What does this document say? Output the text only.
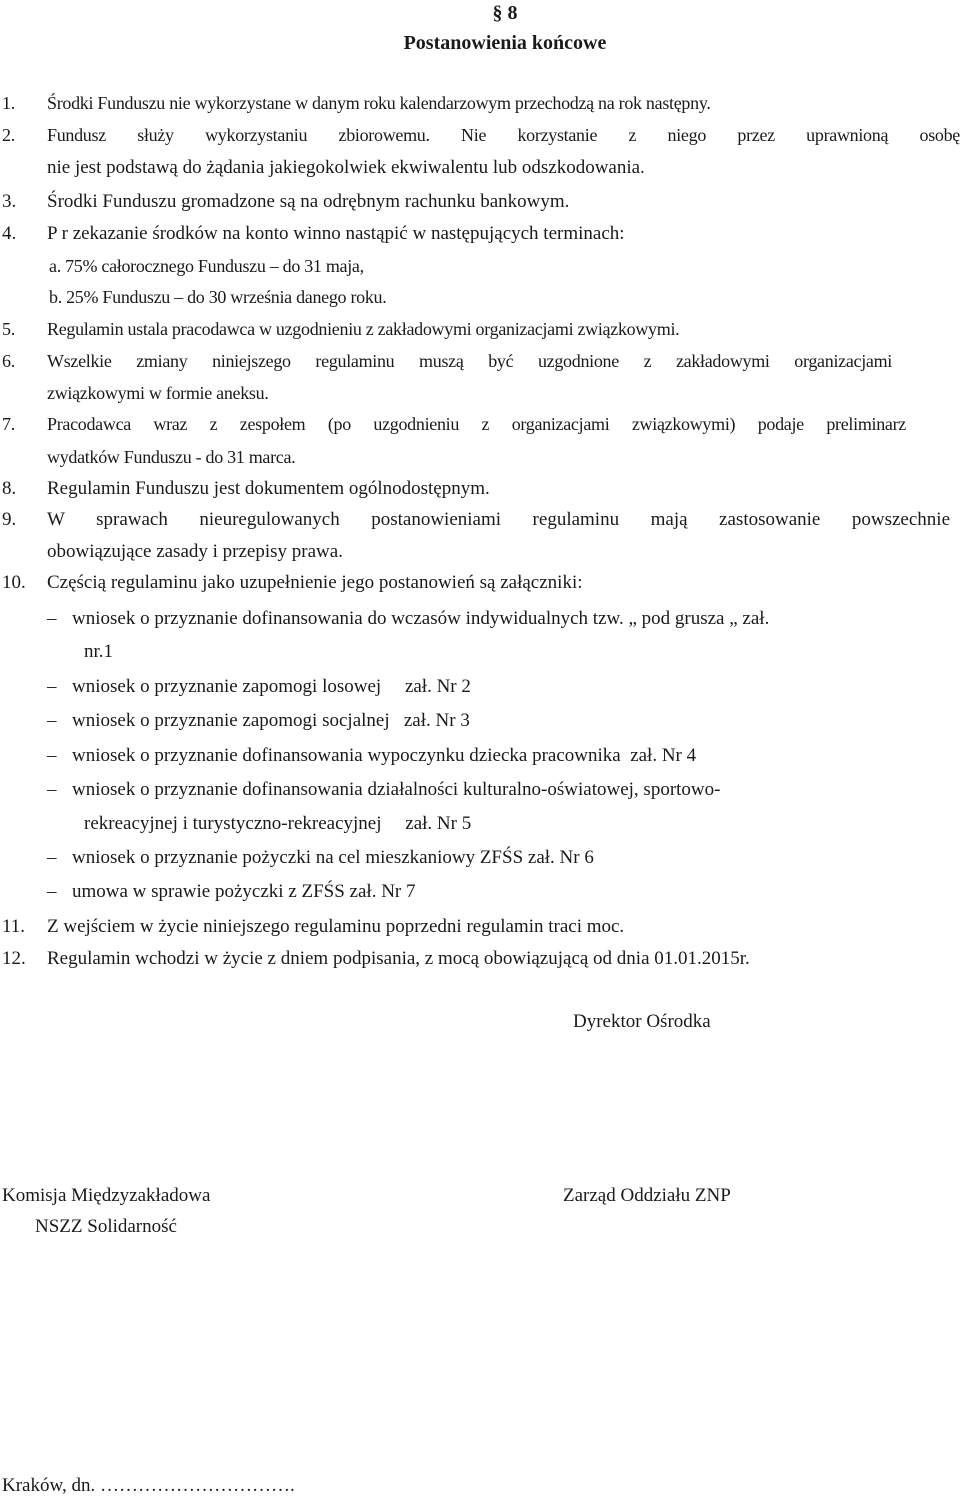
§ 8
Postanowienia końcowe
1. Środki Funduszu nie wykorzystane w danym roku kalendarzowym przechodzą na rok następny.
2. Fundusz służy wykorzystaniu zbiorowemu. Nie korzystanie z niego przez uprawnioną osobę
nie jest podstawą do żądania jakiegokolwiek ekwiwalentu lub odszkodowania.
3. Środki Funduszu gromadzone są na odrębnym rachunku bankowym.
4. P r zekazanie środków na konto winno nastąpić w następujących terminach:
a. 75% całorocznego Funduszu – do 31 maja,
b. 25% Funduszu – do 30 września danego roku.
5. Regulamin ustala pracodawca w uzgodnieniu z zakładowymi organizacjami związkowymi.
6. Wszelkie zmiany niniejszego regulaminu muszą być uzgodnione z zakładowymi organizacjami
związkowymi w formie aneksu.
7. Pracodawca wraz z zespołem (po uzgodnieniu z organizacjami związkowymi) podaje preliminarz
wydatków Funduszu - do 31 marca.
8. Regulamin Funduszu jest dokumentem ogólnodostępnym.
9. W sprawach nieuregulowanych postanowieniami regulaminu mają zastosowanie powszechnie
obowiązujące zasady i przepisy prawa.
10. Częścią regulaminu jako uzupełnienie jego postanowień są załączniki:
– wniosek o przyznanie dofinansowania do wczasów indywidualnych tzw. „ pod grusza „ zał.
nr.1
– wniosek o przyznanie zapomogi losowej     zał. Nr 2
– wniosek o przyznanie zapomogi socjalnej   zał. Nr 3
– wniosek o przyznanie dofinansowania wypoczynku dziecka pracownika  zał. Nr 4
– wniosek o przyznanie dofinansowania działalności kulturalno-oświatowej, sportowo-
rekreacyjnej i turystyczno-rekreacyjnej     zał. Nr 5
– wniosek o przyznanie pożyczki na cel mieszkaniowy ZFŚS zał. Nr 6
– umowa w sprawie pożyczki z ZFŚS zał. Nr 7
11. Z wejściem w życie niniejszego regulaminu poprzedni regulamin traci moc.
12. Regulamin wchodzi w życie z dniem podpisania, z mocą obowiązującą od dnia 01.01.2015r.
Dyrektor Ośrodka
Komisja Międzyzakładowa
NSZZ Solidarność
Zarząd Oddziału ZNP
Kraków, dn. ………………………….
